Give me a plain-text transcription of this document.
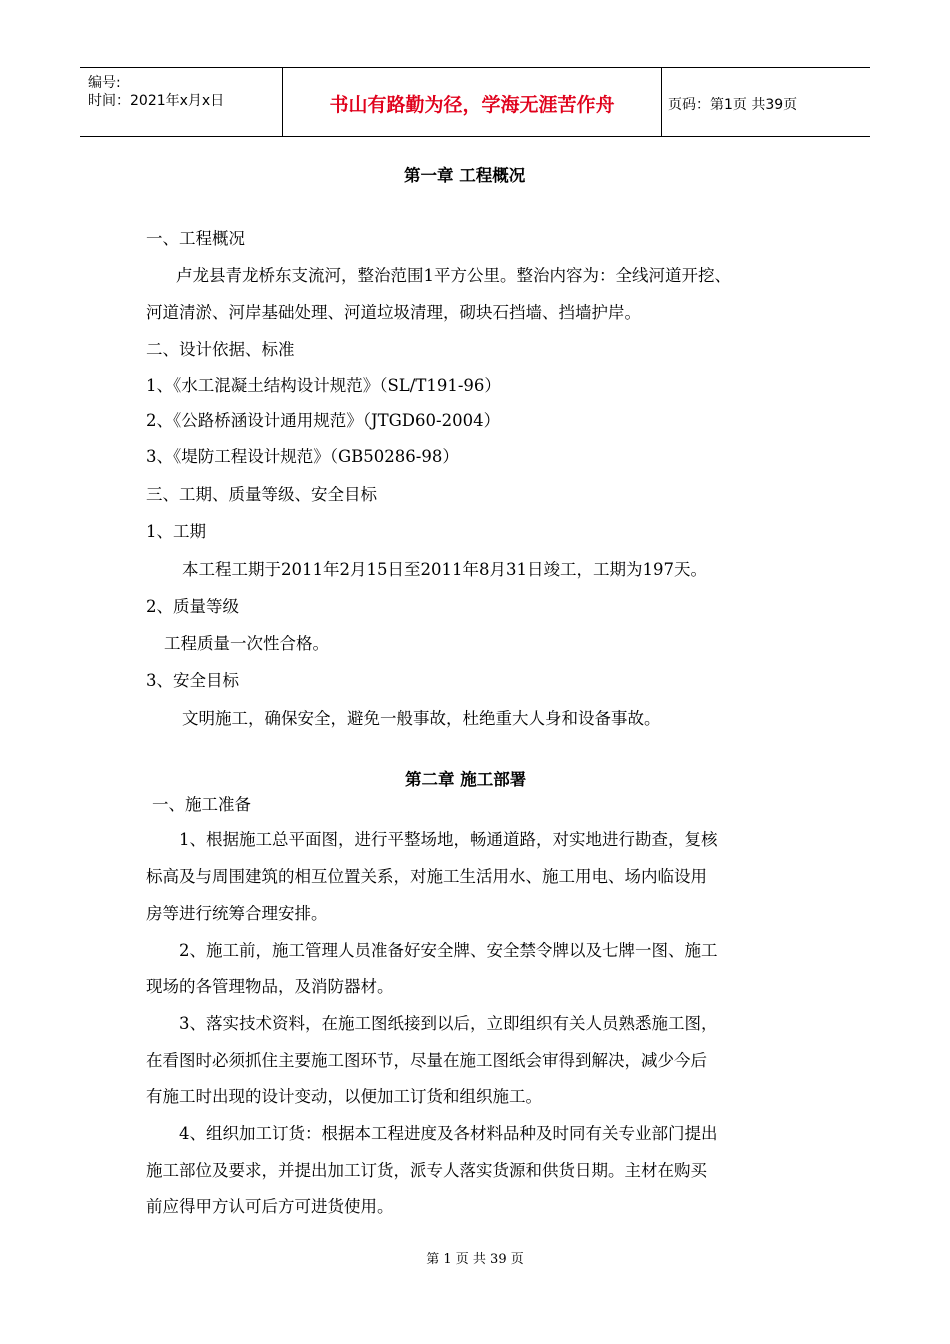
编号:
时间：2021年x月x日	书山有路勤为径，学海无涯苦作舟	页码：第1页 共39页
第一章 工程概况
一、工程概况
卢龙县青龙桥东支流河，整治范围1平方公里。整治内容为：全线河道开挖、
河道清淤、河岸基础处理、河道垃圾清理，砌块石挡墙、挡墙护岸。
二、设计依据、标准
1、《水工混凝土结构设计规范》（SL/T191-96）
2、《公路桥涵设计通用规范》（JTGD60-2004）
3、《堤防工程设计规范》（GB50286-98）
三、工期、质量等级、安全目标
1、工期
本工程工期于2011年2月15日至2011年8月31日竣工，工期为197天。
2、质量等级
工程质量一次性合格。
3、安全目标
文明施工，确保安全，避免一般事故，杜绝重大人身和设备事故。
第二章 施工部署
一、施工准备
1、根据施工总平面图，进行平整场地，畅通道路，对实地进行勘查，复核
标高及与周围建筑的相互位置关系，对施工生活用水、施工用电、场内临设用
房等进行统筹合理安排。
2、施工前，施工管理人员准备好安全牌、安全禁令牌以及七牌一图、施工
现场的各管理物品，及消防器材。
3、落实技术资料，在施工图纸接到以后，立即组织有关人员熟悉施工图，
在看图时必须抓住主要施工图环节，尽量在施工图纸会审得到解决，减少今后
有施工时出现的设计变动，以便加工订货和组织施工。
4、组织加工订货：根据本工程进度及各材料品种及时同有关专业部门提出
施工部位及要求，并提出加工订货，派专人落实货源和供货日期。主材在购买
前应得甲方认可后方可进货使用。
第 1 页 共 39 页
